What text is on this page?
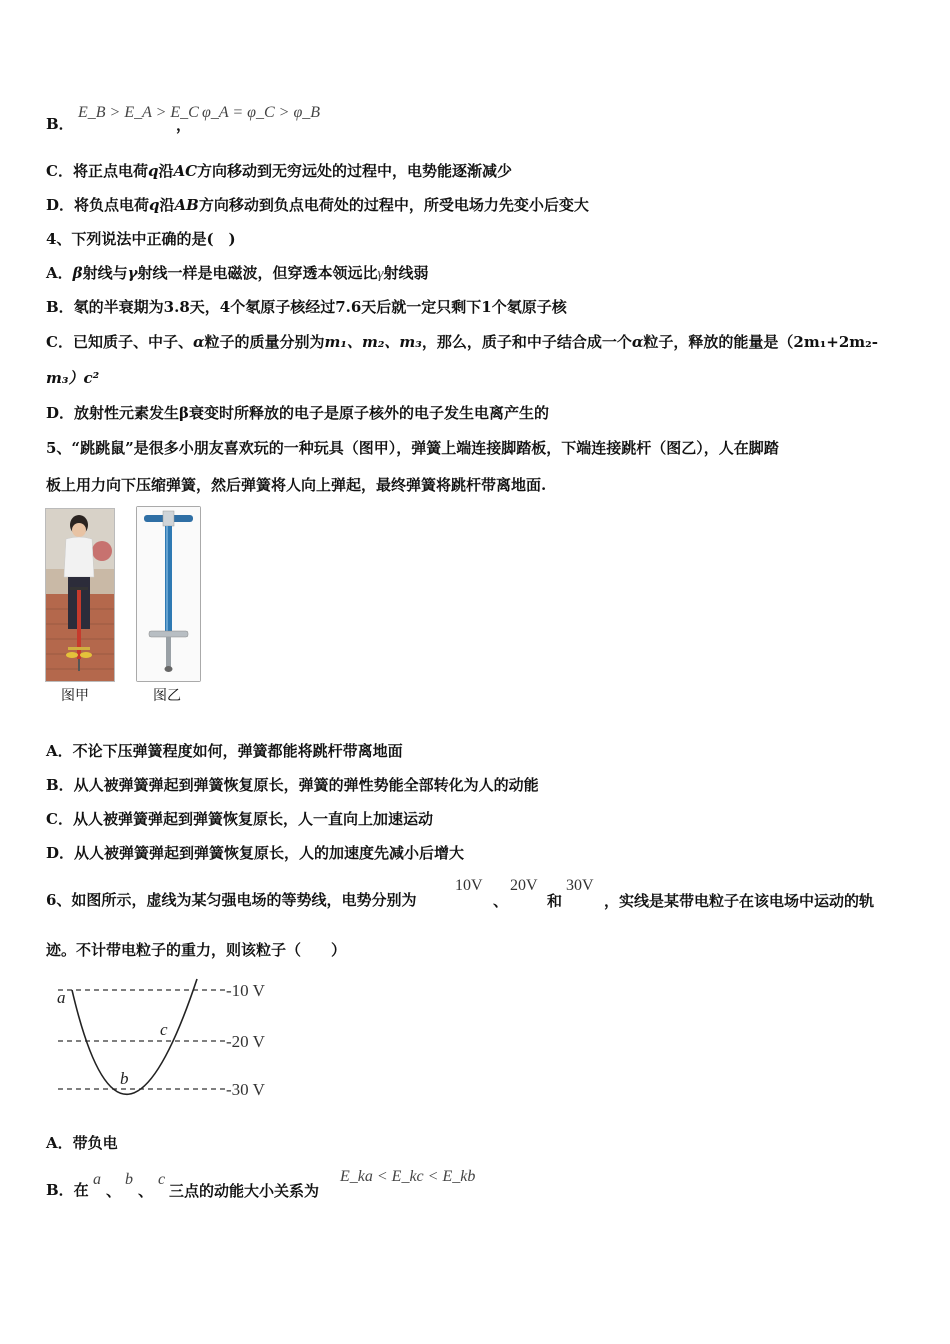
B．
E_B > E_A > E_C
，
φ_A = φ_C > φ_B
C．将正点电荷q沿AC方向移动到无穷远处的过程中，电势能逐渐减少
D．将负点电荷q沿AB方向移动到负点电荷处的过程中，所受电场力先变小后变大
4、下列说法中正确的是(　)
A．β射线与γ射线一样是电磁波，但穿透本领远比γ射线弱
B．氡的半衰期为3.8天，4个氡原子核经过7.6天后就一定只剩下1个氡原子核
C．已知质子、中子、α粒子的质量分别为m₁、m₂、m₃，那么，质子和中子结合成一个α粒子，释放的能量是（2m₁+2m₂-
m₃）c²
D．放射性元素发生β衰变时所释放的电子是原子核外的电子发生电离产生的
5、“跳跳鼠”是很多小朋友喜欢玩的一种玩具（图甲），弹簧上端连接脚踏板，下端连接跳杆（图乙），人在脚踏
板上用力向下压缩弹簧，然后弹簧将人向上弹起，最终弹簧将跳杆带离地面.
图甲	图乙
A．不论下压弹簧程度如何，弹簧都能将跳杆带离地面
B．从人被弹簧弹起到弹簧恢复原长，弹簧的弹性势能全部转化为人的动能
C．从人被弹簧弹起到弹簧恢复原长，人一直向上加速运动
D．从人被弹簧弹起到弹簧恢复原长，人的加速度先减小后增大
6、如图所示，虚线为某匀强电场的等势线，电势分别为
10V
、
20V
和
30V
，实线是某带电粒子在该电场中运动的轨
迹。不计带电粒子的重力，则该粒子（　　）
-10 V
-20 V
-30 V
a
b
c
A．带负电
B．在
a
、
b
、
c
三点的动能大小关系为
E_ka < E_kc < E_kb
